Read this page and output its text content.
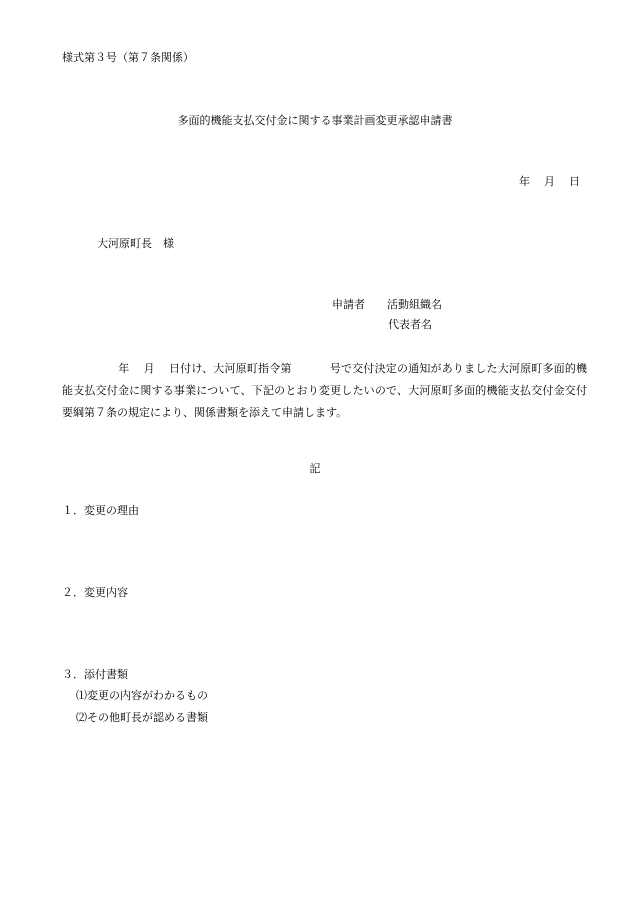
様式第３号（第７条関係）
多面的機能支払交付金に関する事業計画変更承認申請書
年 月 日
大河原町長　様
申請者 活動組織名
代表者名

年 月 日付け、大河原町指令第	号で交付決定の通知がありました大河原町多面的機能支払交付金に関する事業について、下記のとおり変更したいので、大河原町多面的機能支払交付金交付要綱第７条の規定により、関係書類を添えて申請します。

記
１．変更の理由
２．変更内容
３．添付書類
⑴変更の内容がわかるもの
⑵その他町長が認める書類
